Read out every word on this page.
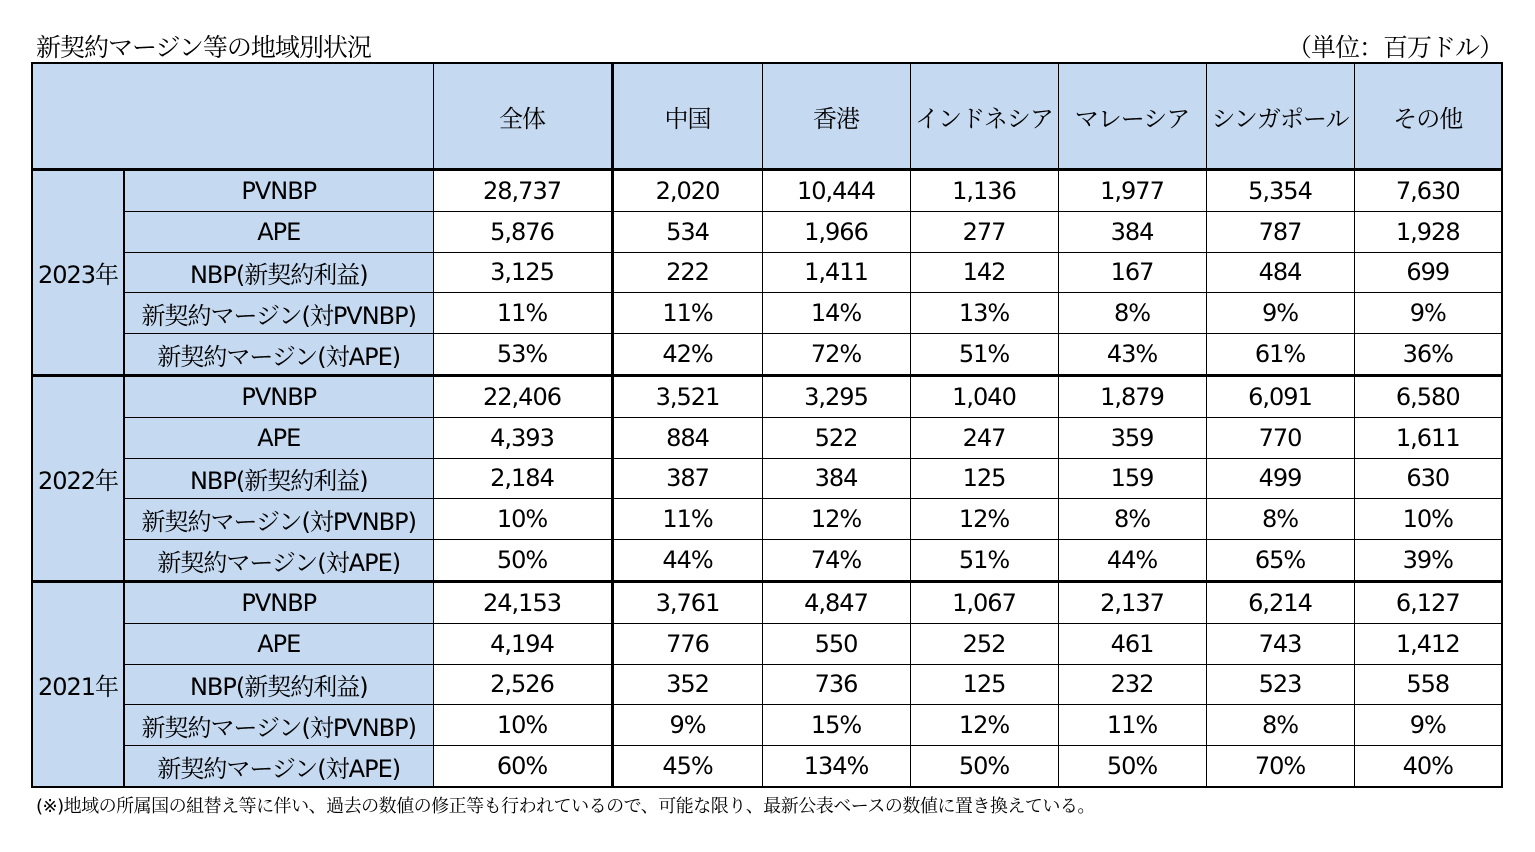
新契約マージン等の地域別状況	（単位：百万ドル）
		全体	中国	香港	インドネシア	マレーシア	シンガポール	その他
2023年	PVNBP	28,737	2,020	10,444	1,136	1,977	5,354	7,630
	APE	5,876	534	1,966	277	384	787	1,928
	NBP(新契約利益)	3,125	222	1,411	142	167	484	699
	新契約マージン(対PVNBP)	11%	11%	14%	13%	8%	9%	9%
	新契約マージン(対APE)	53%	42%	72%	51%	43%	61%	36%
2022年	PVNBP	22,406	3,521	3,295	1,040	1,879	6,091	6,580
	APE	4,393	884	522	247	359	770	1,611
	NBP(新契約利益)	2,184	387	384	125	159	499	630
	新契約マージン(対PVNBP)	10%	11%	12%	12%	8%	8%	10%
	新契約マージン(対APE)	50%	44%	74%	51%	44%	65%	39%
2021年	PVNBP	24,153	3,761	4,847	1,067	2,137	6,214	6,127
	APE	4,194	776	550	252	461	743	1,412
	NBP(新契約利益)	2,526	352	736	125	232	523	558
	新契約マージン(対PVNBP)	10%	9%	15%	12%	11%	8%	9%
	新契約マージン(対APE)	60%	45%	134%	50%	50%	70%	40%
(※)地域の所属国の組替え等に伴い、過去の数値の修正等も行われているので、可能な限り、最新公表ベースの数値に置き換えている。
